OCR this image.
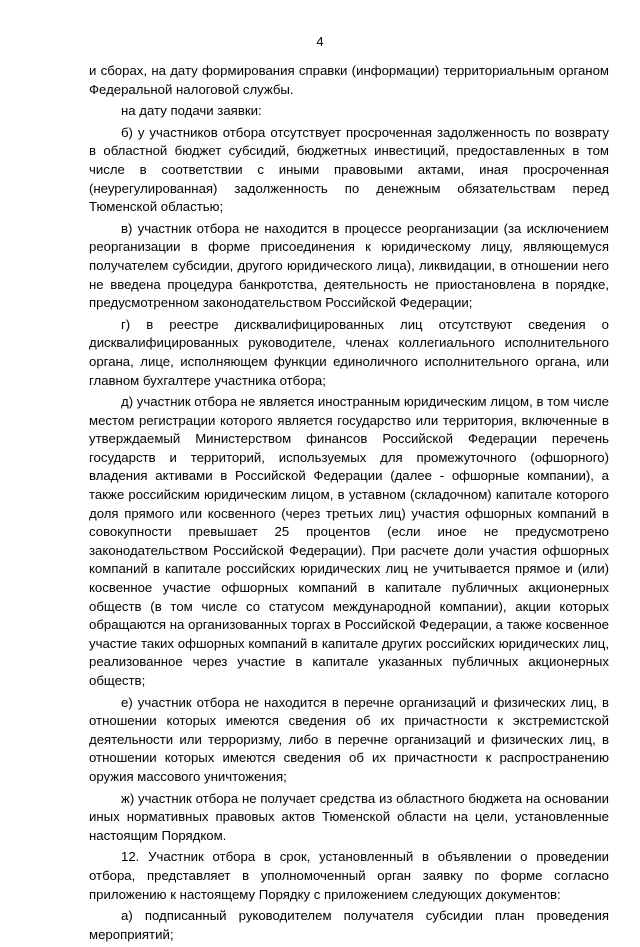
4

и сборах, на дату формирования справки (информации) территориальным органом Федеральной налоговой службы.

на дату подачи заявки:

б) у участников отбора отсутствует просроченная задолженность по возврату в областной бюджет субсидий, бюджетных инвестиций, предоставленных в том числе в соответствии с иными правовыми актами, иная просроченная (неурегулированная) задолженность по денежным обязательствам перед Тюменской областью;

в) участник отбора не находится в процессе реорганизации (за исключением реорганизации в форме присоединения к юридическому лицу, являющемуся получателем субсидии, другого юридического лица), ликвидации, в отношении него не введена процедура банкротства, деятельность не приостановлена в порядке, предусмотренном законодательством Российской Федерации;

г) в реестре дисквалифицированных лиц отсутствуют сведения о дисквалифицированных руководителе, членах коллегиального исполнительного органа, лице, исполняющем функции единоличного исполнительного органа, или главном бухгалтере участника отбора;

д) участник отбора не является иностранным юридическим лицом, в том числе местом регистрации которого является государство или территория, включенные в утверждаемый Министерством финансов Российской Федерации перечень государств и территорий, используемых для промежуточного (офшорного) владения активами в Российской Федерации (далее - офшорные компании), а также российским юридическим лицом, в уставном (складочном) капитале которого доля прямого или косвенного (через третьих лиц) участия офшорных компаний в совокупности превышает 25 процентов (если иное не предусмотрено законодательством Российской Федерации). При расчете доли участия офшорных компаний в капитале российских юридических лиц не учитывается прямое и (или) косвенное участие офшорных компаний в капитале публичных акционерных обществ (в том числе со статусом международной компании), акции которых обращаются на организованных торгах в Российской Федерации, а также косвенное участие таких офшорных компаний в капитале других российских юридических лиц, реализованное через участие в капитале указанных публичных акционерных обществ;

е) участник отбора не находится в перечне организаций и физических лиц, в отношении которых имеются сведения об их причастности к экстремистской деятельности или терроризму, либо в перечне организаций и физических лиц, в отношении которых имеются сведения об их причастности к распространению оружия массового уничтожения;

ж) участник отбора не получает средства из областного бюджета на основании иных нормативных правовых актов Тюменской области на цели, установленные настоящим Порядком.

12. Участник отбора в срок, установленный в объявлении о проведении отбора, представляет в уполномоченный орган заявку по форме согласно приложению к настоящему Порядку с приложением следующих документов:

а) подписанный руководителем получателя субсидии план проведения мероприятий;
